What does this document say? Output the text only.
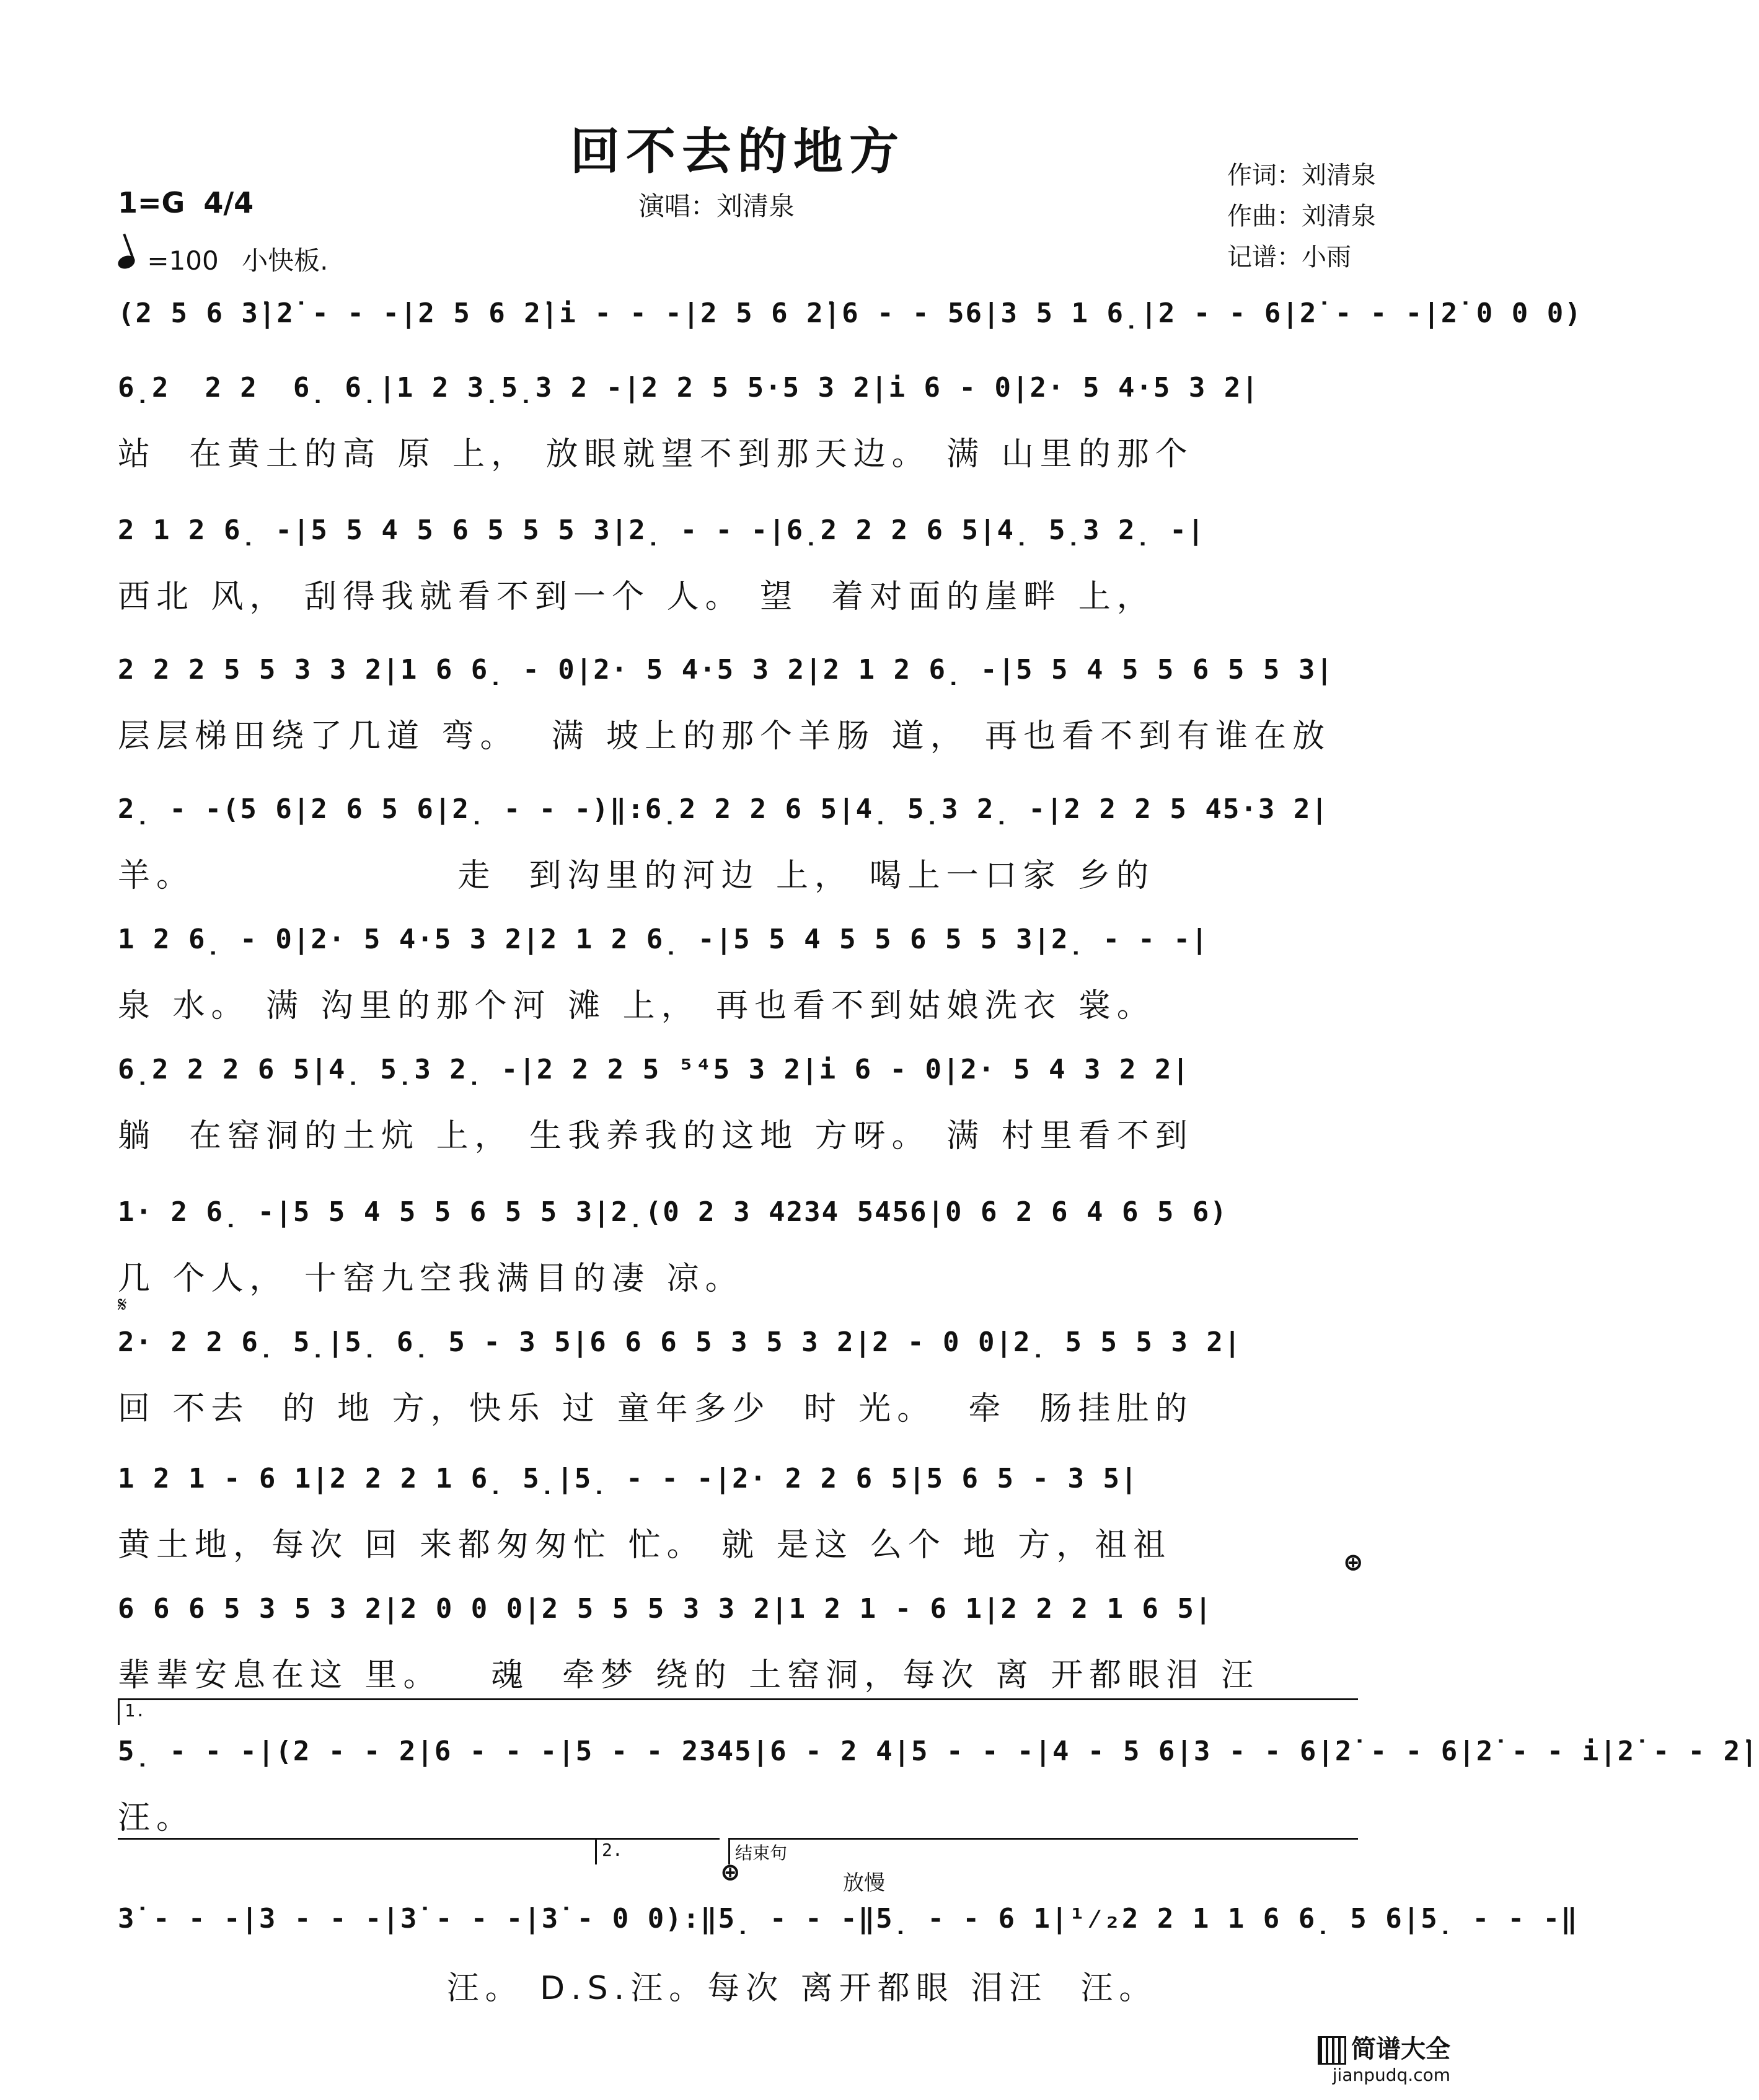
回不去的地方
1=G 4/4
=100 小快板.
演唱：刘清泉
作词：刘清泉
作曲：刘清泉
记谱：小雨
(2 5 6 3̇|2̇ - - -|2 5 6 2̇|i - - -|2 5 6 2̇|6 - - 56|3 5 1 6̣|2 - - 6|2̇ - - -|2̇ 0 0 0)
6̣2  2 2  6̣ 6̣|1 2 3̣5̣3 2 -|2 2 5 5·5 3 2|i 6 - 0|2· 5 4·5 3 2|
站  在黄土的高 原 上， 放眼就望不到那天边。 满 山里的那个
2 1 2 6̣ -|5 5 4 5 6 5 5 5 3|2̣ - - -|6̣2 2 2 6 5|4̣ 5̣3 2̣ -|
西北 风， 刮得我就看不到一个 人。 望  着对面的崖畔 上，
2 2 2 5 5 3 3 2|1 6 6̣ - 0|2· 5 4·5 3 2|2 1 2 6̣ -|5 5 4 5 5 6 5 5 3|
层层梯田绕了几道 弯。  满 坡上的那个羊肠 道， 再也看不到有谁在放
2̣ - -(5 6|2 6 5 6|2̣ - - -)‖:6̣2 2 2 6 5|4̣ 5̣3 2̣ -|2 2 2 5 45·3 2|
羊。                走  到沟里的河边 上， 喝上一口家 乡的
1 2 6̣ - 0|2· 5 4·5 3 2|2 1 2 6̣ -|5 5 4 5 5 6 5 5 3|2̣ - - -|
泉 水。 满 沟里的那个河 滩 上， 再也看不到姑娘洗衣 裳。
6̣2 2 2 6 5|4̣ 5̣3 2̣ -|2 2 2 5 ⁵⁴5 3 2|i 6 - 0|2· 5 4 3 2 2|
躺  在窑洞的土炕 上， 生我养我的这地 方呀。 满 村里看不到
1· 2 6̣ -|5 5 4 5 5 6 5 5 3|2̣(0 2 3 4234 5456|0 6 2 6 4 6 5 6)
几 个人， 十窑九空我满目的凄 凉。
𝄋
2· 2 2 6̣ 5̣|5̣ 6̣ 5 - 3 5|6 6 6 5 3 5 3 2|2 - 0 0|2̣ 5 5 5 3 2|
回 不去  的 地 方，快乐 过 童年多少  时 光。  牵  肠挂肚的
1 2 1 - 6 1|2 2 2 1 6̣ 5̣|5̣ - - -|2· 2 2 6 5|5 6 5 - 3 5|
黄土地，每次 回 来都匆匆忙 忙。 就 是这 么个 地 方，祖祖	⊕
6 6 6 5 3 5 3 2|2 0 0 0|2 5 5 5 3 3 2|1 2 1 - 6 1|2 2 2 1 6 5|
辈辈安息在这 里。   魂  牵梦 绕的 土窑洞，每次 离 开都眼泪 汪
1.
5̣ - - -|(2 - - 2|6 - - -|5 - - 2345|6 - 2 4|5 - - -|4 - 5 6|3 - - 6|2̇ - - 6|2̇ - - i|2̇ - - 2̇|
汪。
2.	结束句
放慢
⊕
3̇ - - -|3 - - -|3̇ - - -|3̇ - 0 0):‖5̣ - - -‖5̣ - - 6 1|¹⁄₂2 2 1 1 6 6̣ 5 6|5̣ - - -‖
汪。 D.S.汪。每次 离开都眼 泪汪  汪。
简谱大全
jianpudq.com
